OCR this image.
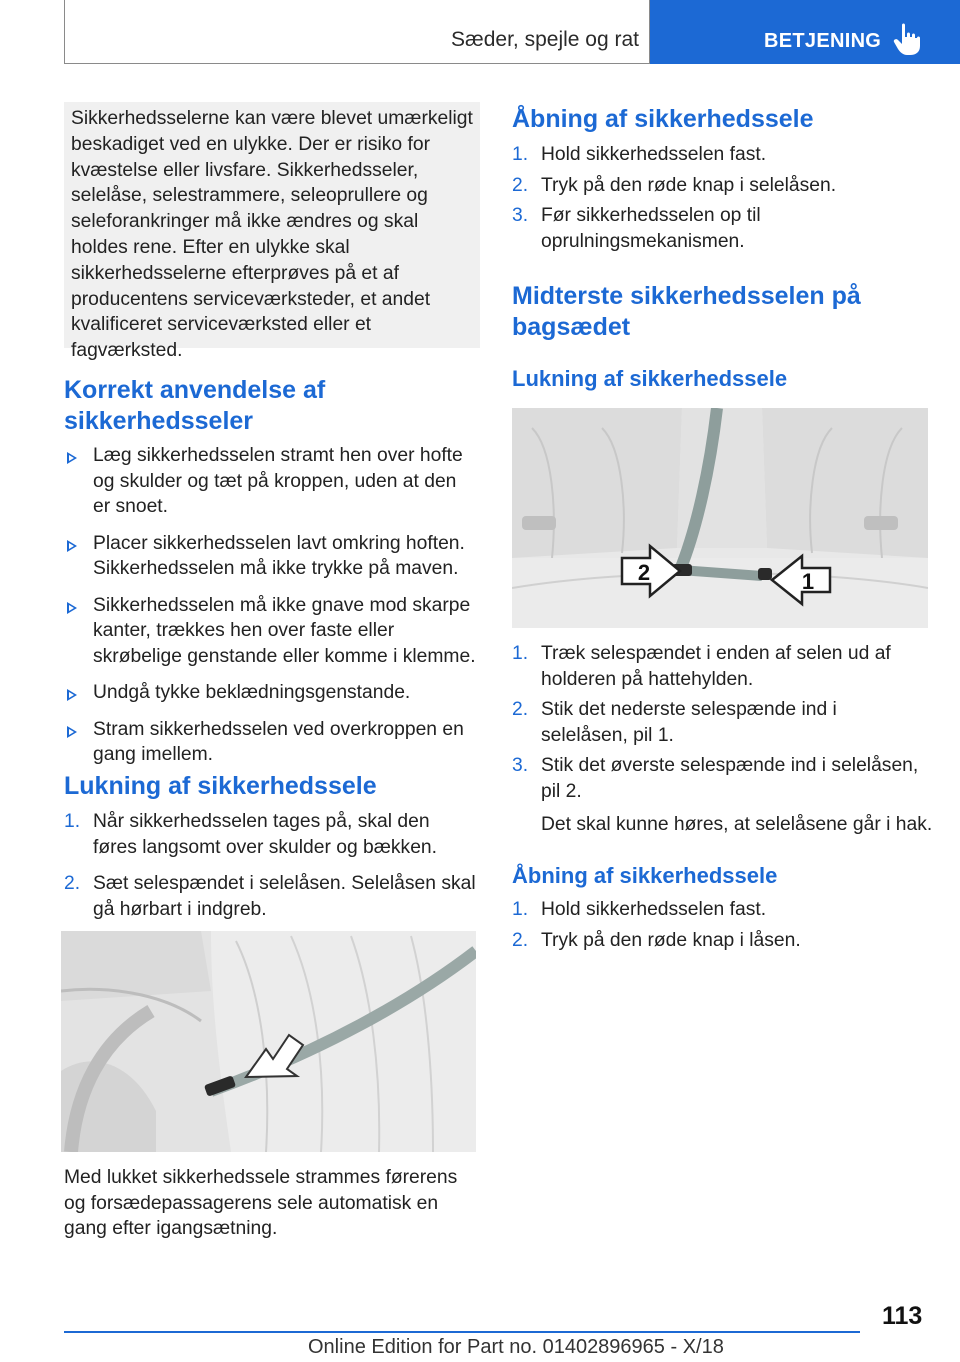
Sæder, spejle og rat	BETJENING

Sikkerhedsselerne kan være blevet umærkeligt beskadiget ved en ulykke. Der er risiko for kvæstelse eller livsfare. Sikkerhedsseler, selelåse, selestrammere, seleoprullere og seleforankringer må ikke ændres og skal holdes rene. Efter en ulykke skal sikkerhedsselerne efterprøves på et af producentens serviceværksteder, et andet kvalificeret serviceværksted eller et fagværksted.

Korrekt anvendelse af
sikkerhedsseler
Læg sikkerhedsselen stramt hen over hofte og skulder og tæt på kroppen, uden at den er snoet.
Placer sikkerhedsselen lavt omkring hoften. Sikkerhedsselen må ikke trykke på maven.
Sikkerhedsselen må ikke gnave mod skarpe kanter, trækkes hen over faste eller skrøbelige genstande eller komme i klemme.
Undgå tykke beklædningsgenstande.
Stram sikkerhedsselen ved overkroppen en gang imellem.
Lukning af sikkerhedssele
1. Når sikkerhedsselen tages på, skal den føres langsomt over skulder og bækken.
2. Sæt selespændet i selelåsen. Selelåsen skal gå hørbart i indgreb.

Med lukket sikkerhedssele strammes førerens og forsædepassagerens sele automatisk en gang efter igangsætning.

Åbning af sikkerhedssele
1. Hold sikkerhedsselen fast.
2. Tryk på den røde knap i selelåsen.
3. Før sikkerhedsselen op til oprulningsmekanismen.
Midterste sikkerhedsselen på
bagsædet
Lukning af sikkerhedssele
2	1
1. Træk selespændet i enden af selen ud af holderen på hattehylden.
2. Stik det nederste selespænde ind i selelåsen, pil 1.
3. Stik det øverste selespænde ind i selelåsen, pil 2.

Det skal kunne høres, at selelåsene går i hak.

Åbning af sikkerhedssele
1. Hold sikkerhedsselen fast.
2. Tryk på den røde knap i låsen.
113
Online Edition for Part no. 01402896965 - X/18
